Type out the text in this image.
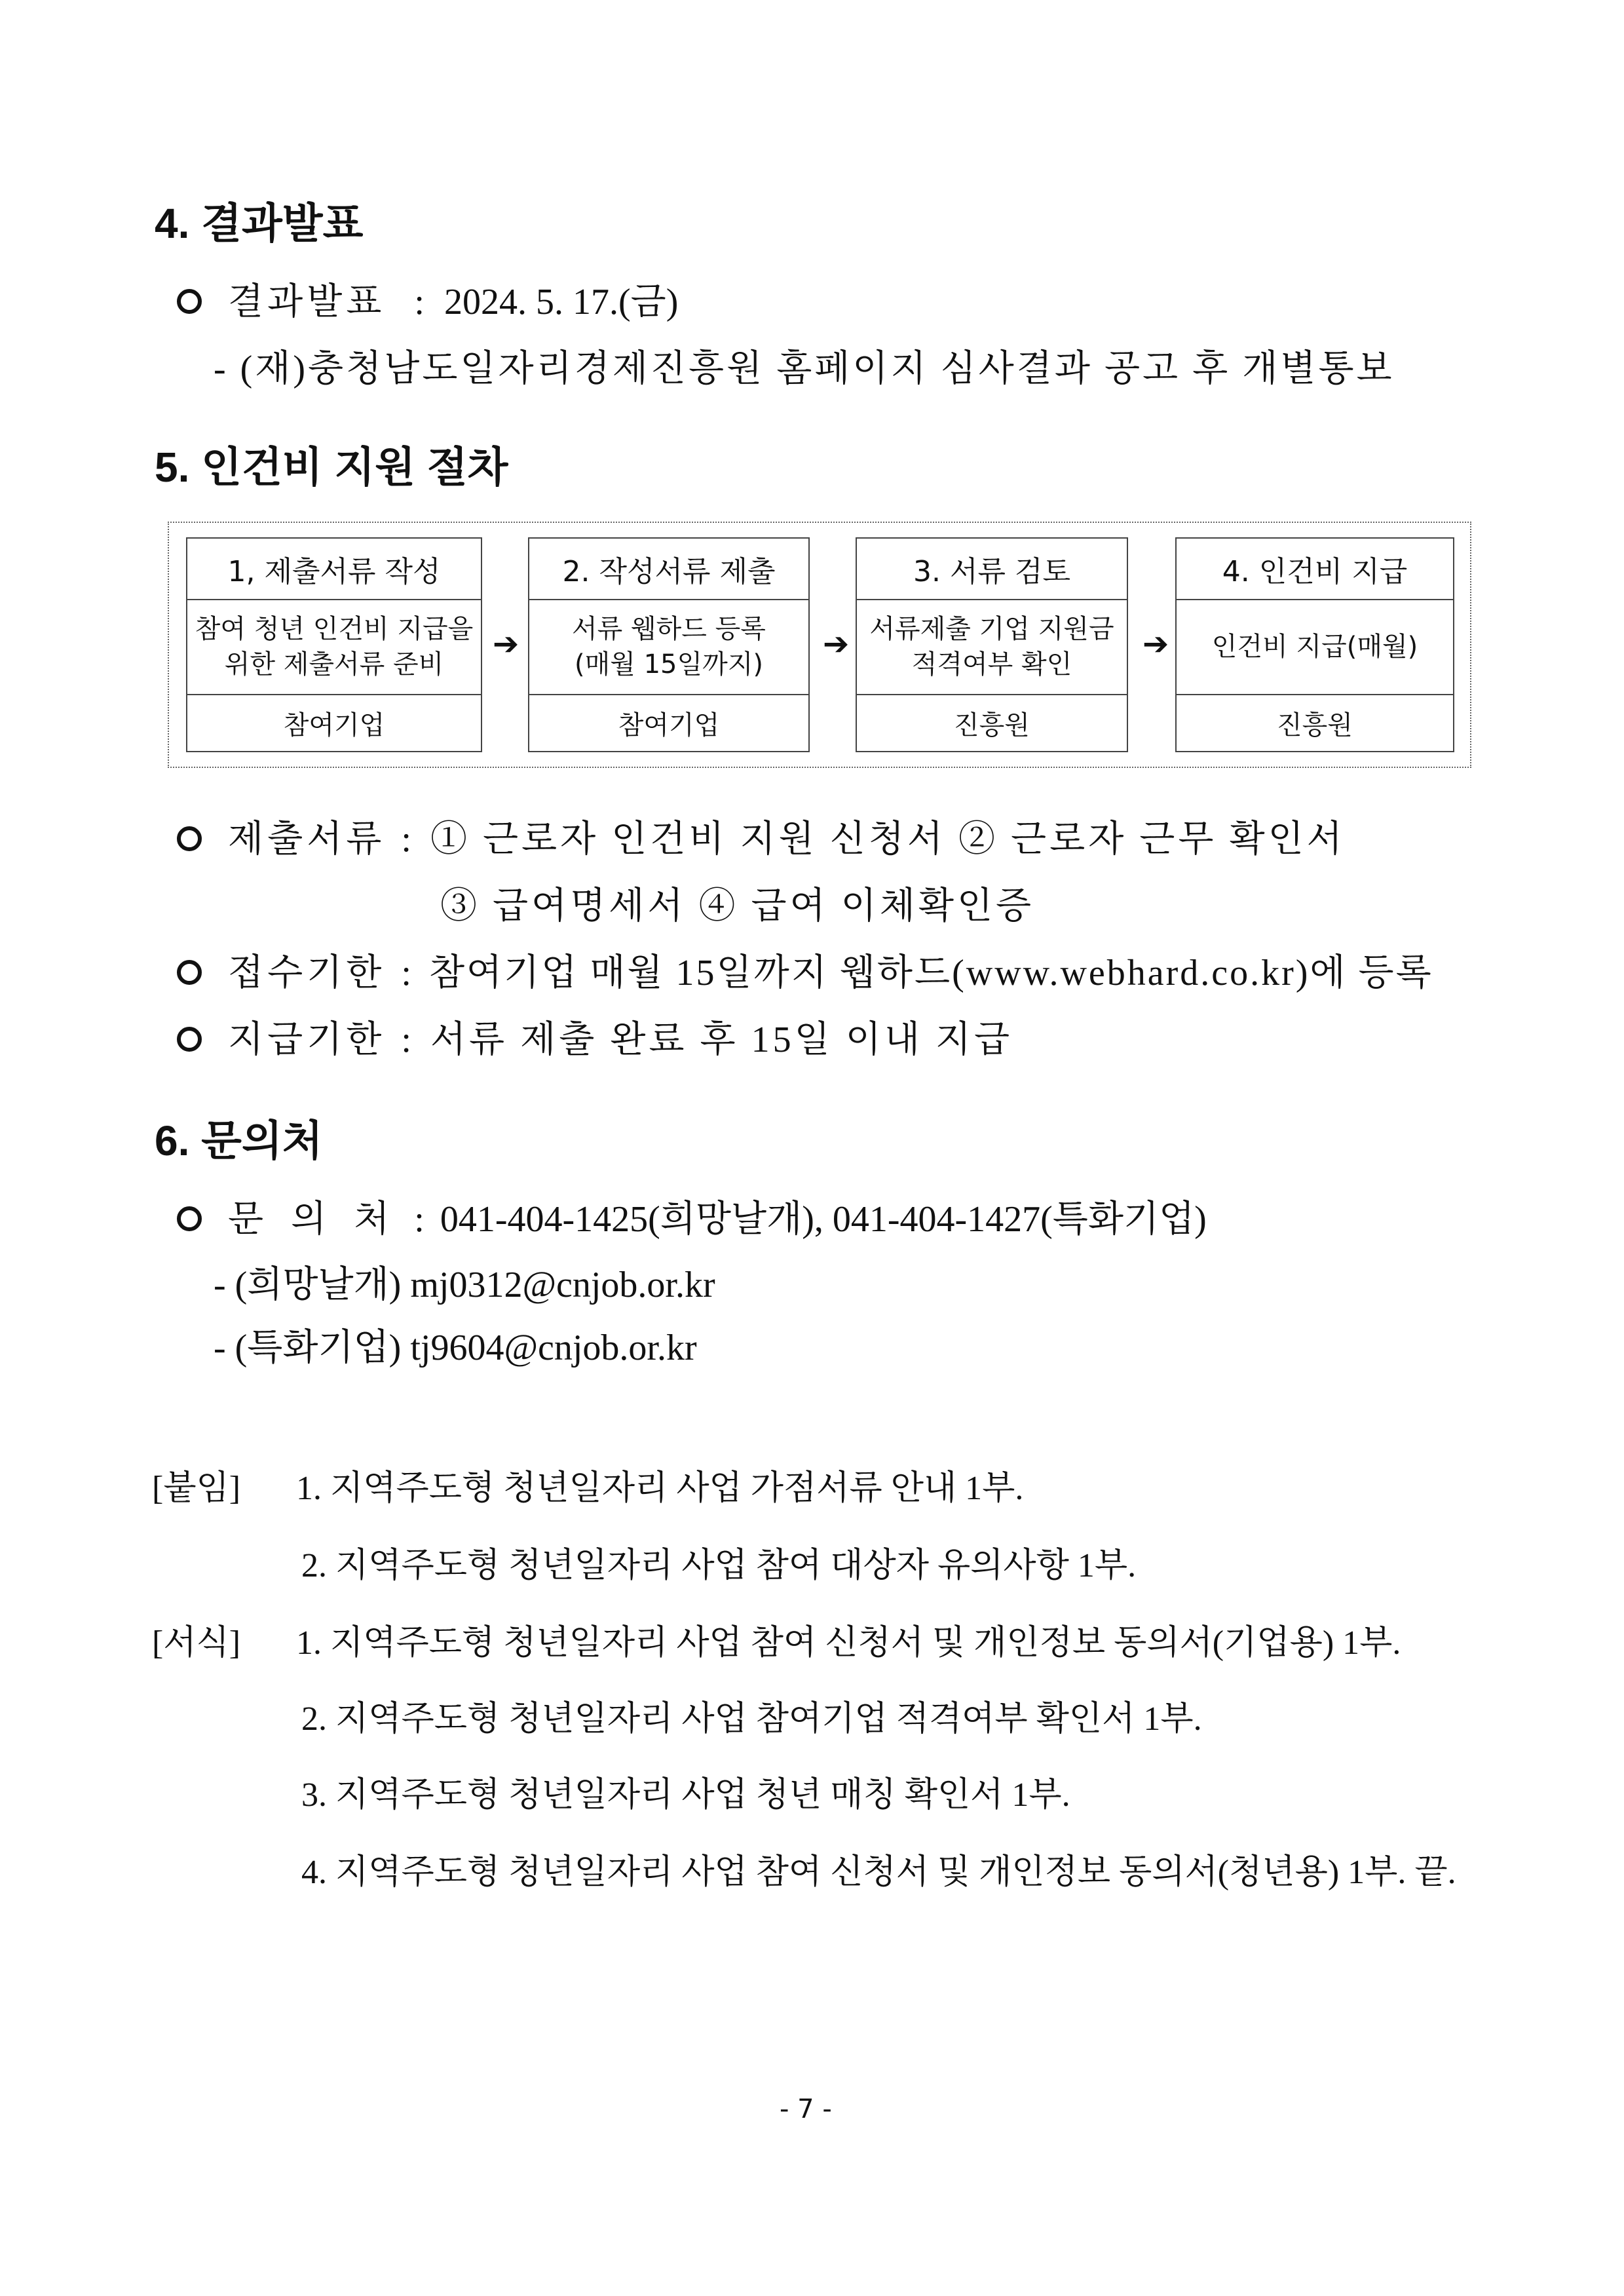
4. 결과발표
결과발표 : 2024. 5. 17.(금)
- (재)충청남도일자리경제진흥원 홈페이지 심사결과 공고 후 개별통보
5. 인건비 지원 절차
1, 제출서류 작성
참여 청년 인건비 지급을
위한 제출서류 준비
참여기업
➔
2. 작성서류 제출
서류 웹하드 등록
(매월 15일까지)
참여기업
➔
3. 서류 검토
서류제출 기업 지원금
적격여부 확인
진흥원
➔
4. 인건비 지급
인건비 지급(매월)
진흥원
제출서류 : ① 근로자 인건비 지원 신청서 ② 근로자 근무 확인서
③ 급여명세서 ④ 급여 이체확인증
접수기한 : 참여기업 매월 15일까지 웹하드(www.webhard.co.kr)에 등록
지급기한 : 서류 제출 완료 후 15일 이내 지급
6. 문의처
문 의 처 : 041-404-1425(희망날개), 041-404-1427(특화기업)
- (희망날개) mj0312@cnjob.or.kr
- (특화기업) tj9604@cnjob.or.kr
[붙임] 1. 지역주도형 청년일자리 사업 가점서류 안내 1부.
2. 지역주도형 청년일자리 사업 참여 대상자 유의사항 1부.
[서식] 1. 지역주도형 청년일자리 사업 참여 신청서 및 개인정보 동의서(기업용) 1부.
2. 지역주도형 청년일자리 사업 참여기업 적격여부 확인서 1부.
3. 지역주도형 청년일자리 사업 청년 매칭 확인서 1부.
4. 지역주도형 청년일자리 사업 참여 신청서 및 개인정보 동의서(청년용) 1부. 끝.
- 7 -
